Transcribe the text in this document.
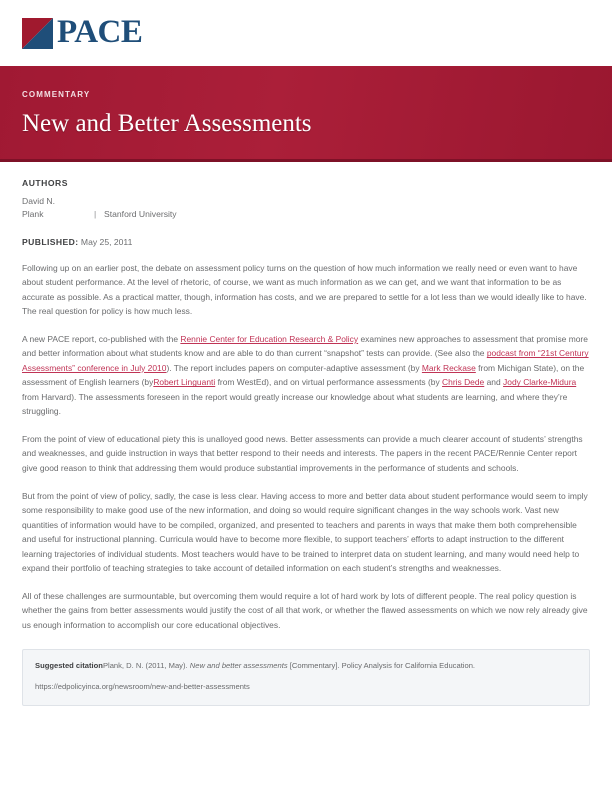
PACE
COMMENTARY
New and Better Assessments
AUTHORS
David N.
Plank	| Stanford University
PUBLISHED: May 25, 2011

Following up on an earlier post, the debate on assessment policy turns on the question of how much information we really need or even want to have about student performance. At the level of rhetoric, of course, we want as much information as we can get, and we want that information to be as accurate as possible. As a practical matter, though, information has costs, and we are prepared to settle for a lot less than we would ideally like to have. The real question for policy is how much less.

A new PACE report, co-published with the Rennie Center for Education Research & Policy examines new approaches to assessment that promise more and better information about what students know and are able to do than current “snapshot” tests can provide. (See also the podcast from “21st Century Assessments” conference in July 2010). The report includes papers on computer-adaptive assessment (by Mark Reckase from Michigan State), on the assessment of English learners (byRobert Linguanti from WestEd), and on virtual performance assessments (by Chris Dede and Jody Clarke-Midura from Harvard). The assessments foreseen in the report would greatly increase our knowledge about what students are learning, and where they’re struggling.

From the point of view of educational piety this is unalloyed good news. Better assessments can provide a much clearer account of students’ strengths and weaknesses, and guide instruction in ways that better respond to their needs and interests. The papers in the recent PACE/Rennie Center report give good reason to think that addressing them would produce substantial improvements in the performance of students and schools.

But from the point of view of policy, sadly, the case is less clear. Having access to more and better data about student performance would seem to imply some responsibility to make good use of the new information, and doing so would require significant changes in the way schools work. Vast new quantities of information would have to be compiled, organized, and presented to teachers and parents in ways that make them both comprehensible and useful for instructional planning. Curricula would have to become more flexible, to support teachers’ efforts to adapt instruction to the different learning trajectories of individual students. Most teachers would have to be trained to interpret data on student learning, and many would need help to expand their portfolio of teaching strategies to take account of detailed information on each student’s strengths and weaknesses.

All of these challenges are surmountable, but overcoming them would require a lot of hard work by lots of different people. The real policy question is whether the gains from better assessments would justify the cost of all that work, or whether the flawed assessments on which we now rely already give us enough information to accomplish our core educational objectives.

Suggested citationPlank, D. N. (2011, May). New and better assessments [Commentary]. Policy Analysis for California Education.

https://edpolicyinca.org/newsroom/new-and-better-assessments
